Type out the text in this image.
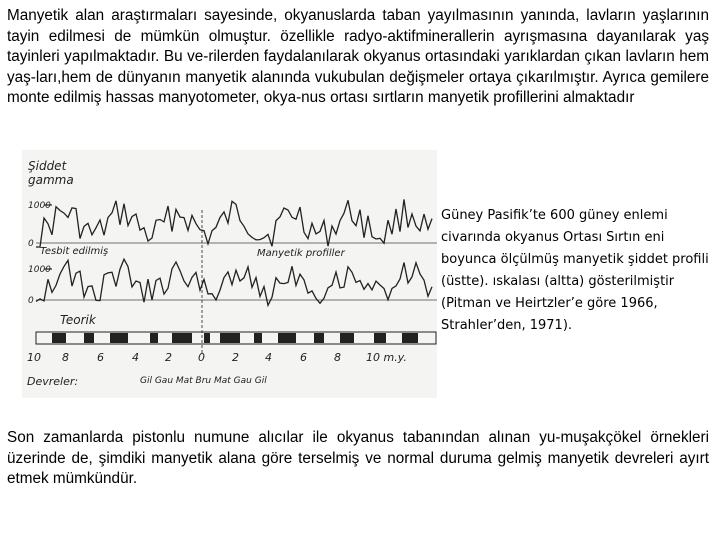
Manyetik alan araştırmaları sayesinde, okyanuslarda taban yayılmasının yanında, lavların yaşlarının tayin edilmesi de mümkün olmuştur. özellikle radyo-aktifminerallerin ayrışmasına dayanılarak yaş tayinleri yapılmaktadır. Bu ve-rilerden faydalanılarak okyanus ortasındaki yarıklardan çıkan lavların hem yaş-ları,hem de dünyanın manyetik alanında vukubulan değişmeler ortaya çıkarılmıştır. Ayrıca gemilere monte edilmiş hassas manyotometer, okya-nus ortası sırtların manyetik profillerini almaktadır

Şiddet
gamma
1000
0
Tesbit edilmiş	Manyetik profiller
1000
0
Teorik
10 8	6	4 2 0 2 4	6 8 10 m.y.
Devreler:	Gil Gau Mat Bru Mat Gau Gil

Güney Pasifik’te 600 güney enlemi civarında okyanus Ortası Sırtın eni boyunca ölçülmüş manyetik şiddet profili (üstte). ıskalası (altta) gösterilmiştir (Pitman ve Heirtzler’e göre 1966, Strahler’den, 1971).

Son zamanlarda pistonlu numune alıcılar ile okyanus tabanından alınan yu-muşakçökel örnekleri üzerinde de, şimdiki manyetik alana göre terselmiş ve normal duruma gelmiş manyetik devreleri ayırt etmek mümkündür.
